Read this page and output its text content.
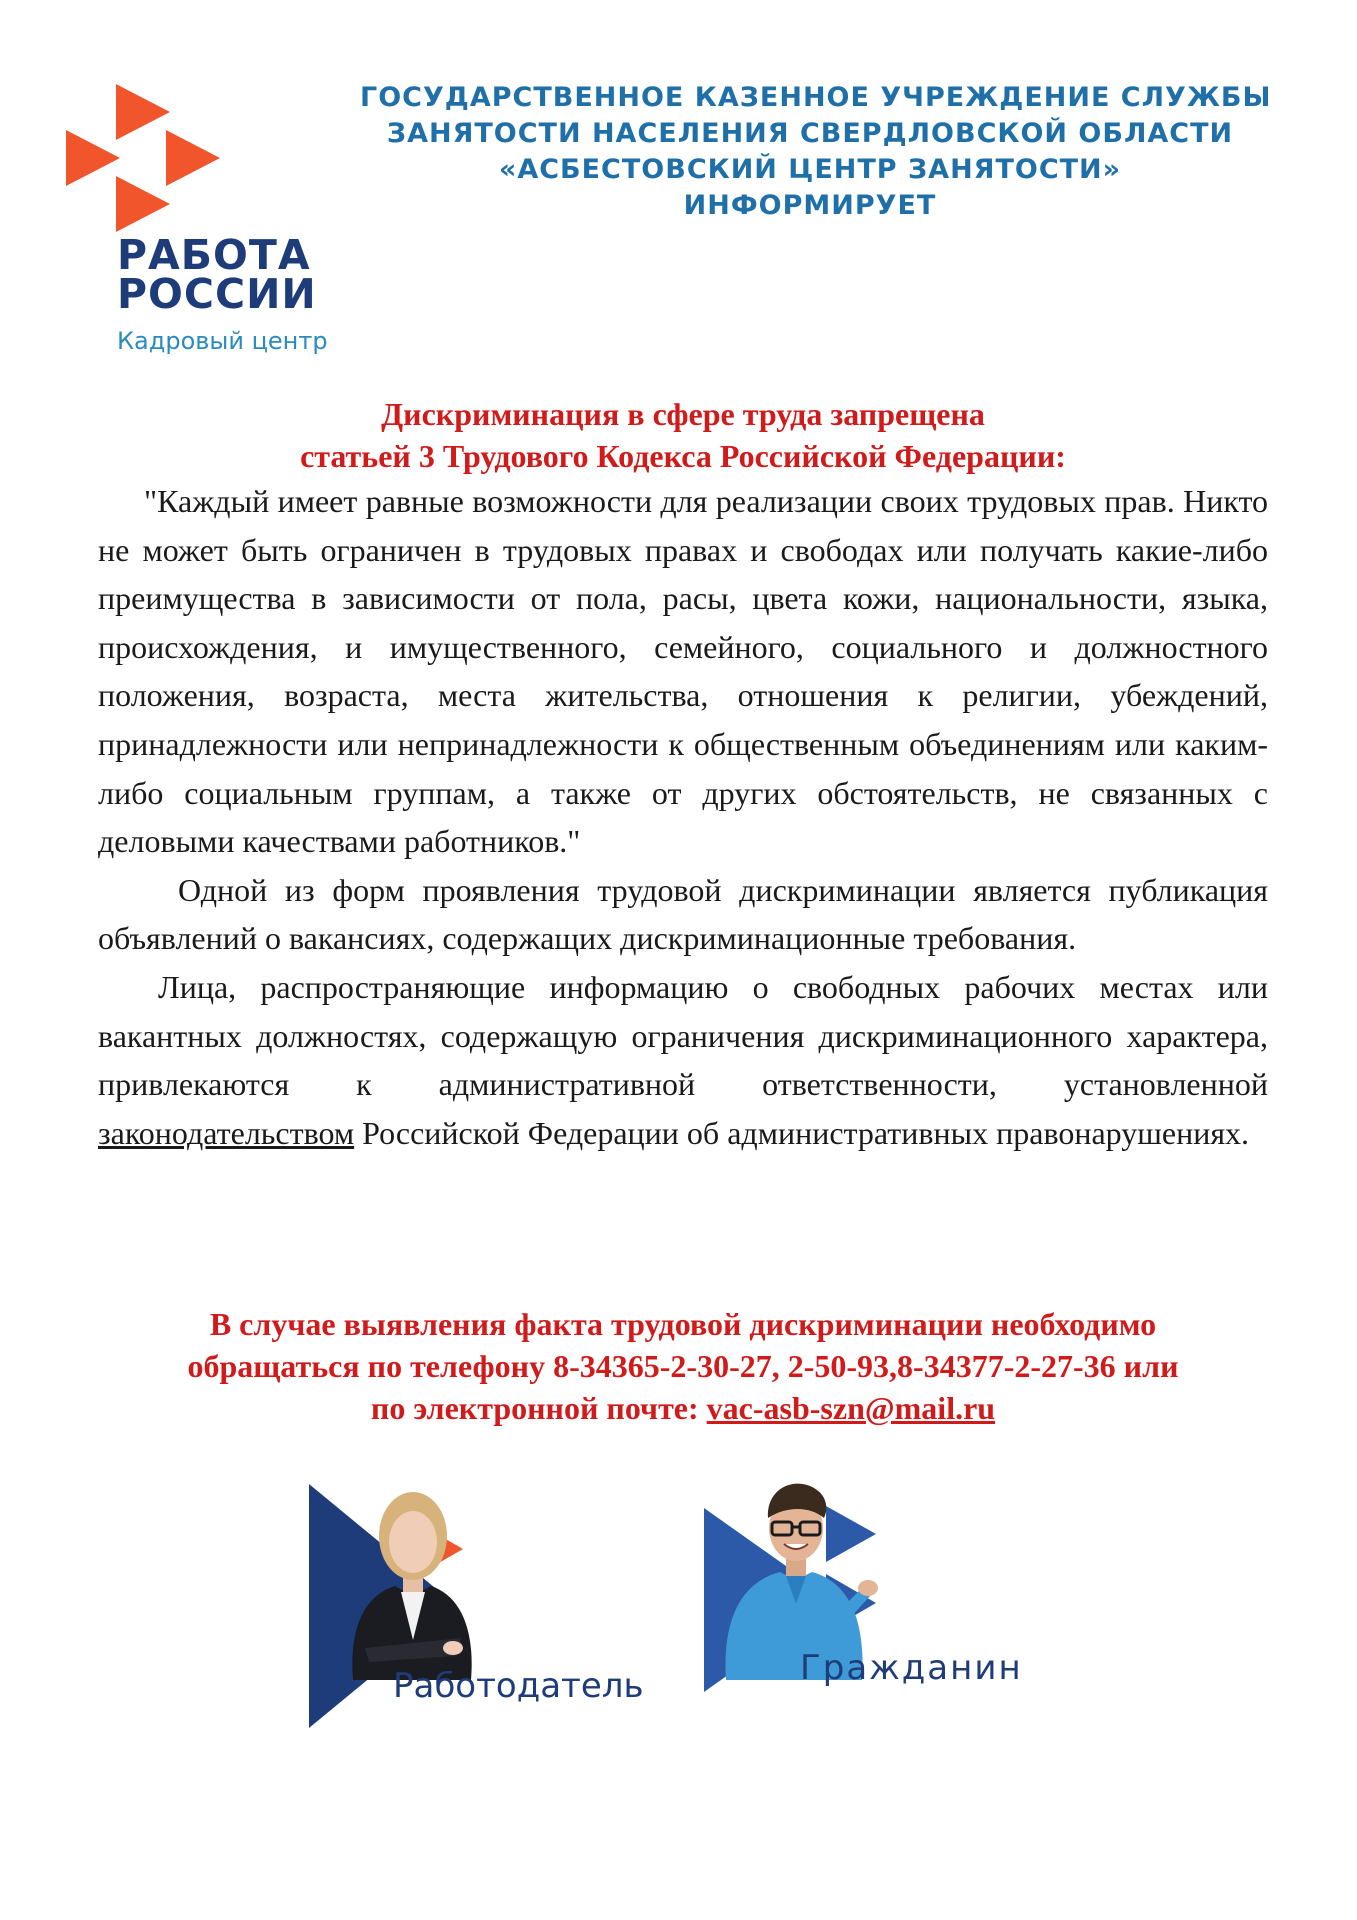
РАБОТА
РОССИИ
Кадровый центр
ГОСУДАРСТВЕННОЕ КАЗЕННОЕ УЧРЕЖДЕНИЕ СЛУЖБЫ
ЗАНЯТОСТИ НАСЕЛЕНИЯ СВЕРДЛОВСКОЙ ОБЛАСТИ
«АСБЕСТОВСКИЙ ЦЕНТР ЗАНЯТОСТИ»
ИНФОРМИРУЕТ
Дискриминация в сфере труда запрещена
статьей 3 Трудового Кодекса Российской Федерации:

"Каждый имеет равные возможности для реализации своих трудовых прав. Никто не может быть ограничен в трудовых правах и свободах или получать какие-либо преимущества в зависимости от пола, расы, цвета кожи, национальности, языка, происхождения, и имущественного, семейного, социального и должностного положения, возраста, места жительства, отношения к религии, убеждений, принадлежности или непринадлежности к общественным объединениям или каким-либо социальным группам, а также от других обстоятельств, не связанных с деловыми качествами работников."

Одной из форм проявления трудовой дискриминации является публикация объявлений о вакансиях, содержащих дискриминационные требования.

Лица, распространяющие информацию о свободных рабочих местах или вакантных должностях, содержащую ограничения дискриминационного характера, привлекаются к административной ответственности, установленной законодательством Российской Федерации об административных правонарушениях.

В случае выявления факта трудовой дискриминации необходимо
обращаться по телефону 8-34365-2-30-27, 2-50-93,8-34377-2-27-36 или
по электронной почте: vac-asb-szn@mail.ru
Работодатель	Гражданин
